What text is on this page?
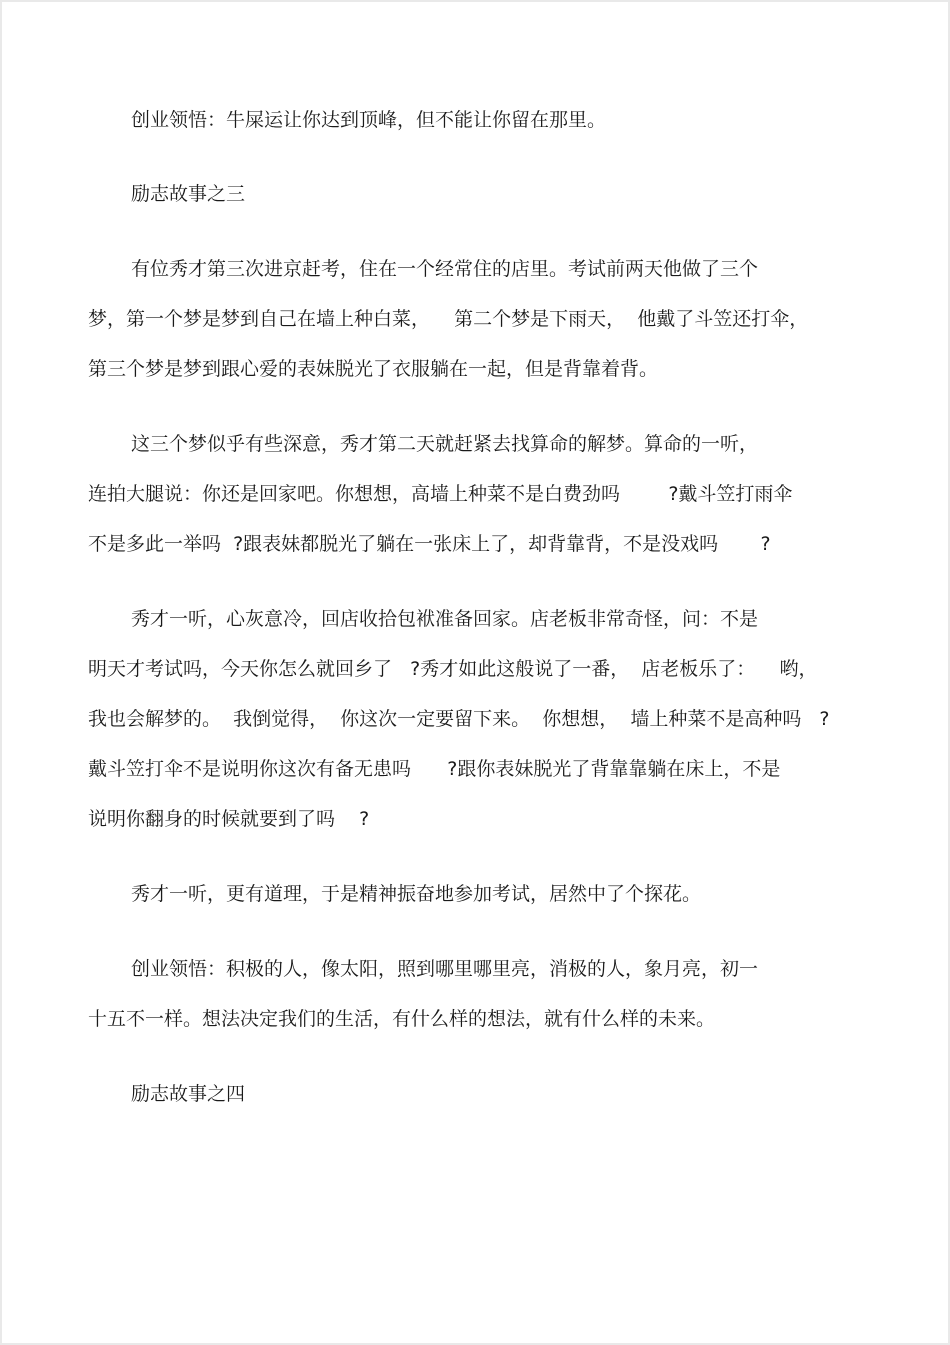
创业领悟：牛屎运让你达到顶峰，但不能让你留在那里。

励志故事之三

有位秀才第三次进京赶考，住在一个经常住的店里。考试前两天他做了三个

梦，第一个梦是梦到自己在墙上种白菜，    第二个梦是下雨天，  他戴了斗笠还打伞，

第三个梦是梦到跟心爱的表妹脱光了衣服躺在一起，但是背靠着背。

这三个梦似乎有些深意，秀才第二天就赶紧去找算命的解梦。算命的一听，

连拍大腿说：你还是回家吧。你想想，高墙上种菜不是白费劲吗        ?戴斗笠打雨伞

不是多此一举吗  ?跟表妹都脱光了躺在一张床上了，却背靠背，不是没戏吗       ?

秀才一听，心灰意冷，回店收拾包袱准备回家。店老板非常奇怪，问：不是

明天才考试吗，今天你怎么就回乡了   ?秀才如此这般说了一番，  店老板乐了：    哟，

我也会解梦的。  我倒觉得，  你这次一定要留下来。  你想想，  墙上种菜不是高种吗   ?

戴斗笠打伞不是说明你这次有备无患吗      ?跟你表妹脱光了背靠靠躺在床上，不是

说明你翻身的时候就要到了吗    ?

秀才一听，更有道理，于是精神振奋地参加考试，居然中了个探花。

创业领悟：积极的人，像太阳，照到哪里哪里亮，消极的人，象月亮，初一

十五不一样。想法决定我们的生活，有什么样的想法，就有什么样的未来。

励志故事之四
